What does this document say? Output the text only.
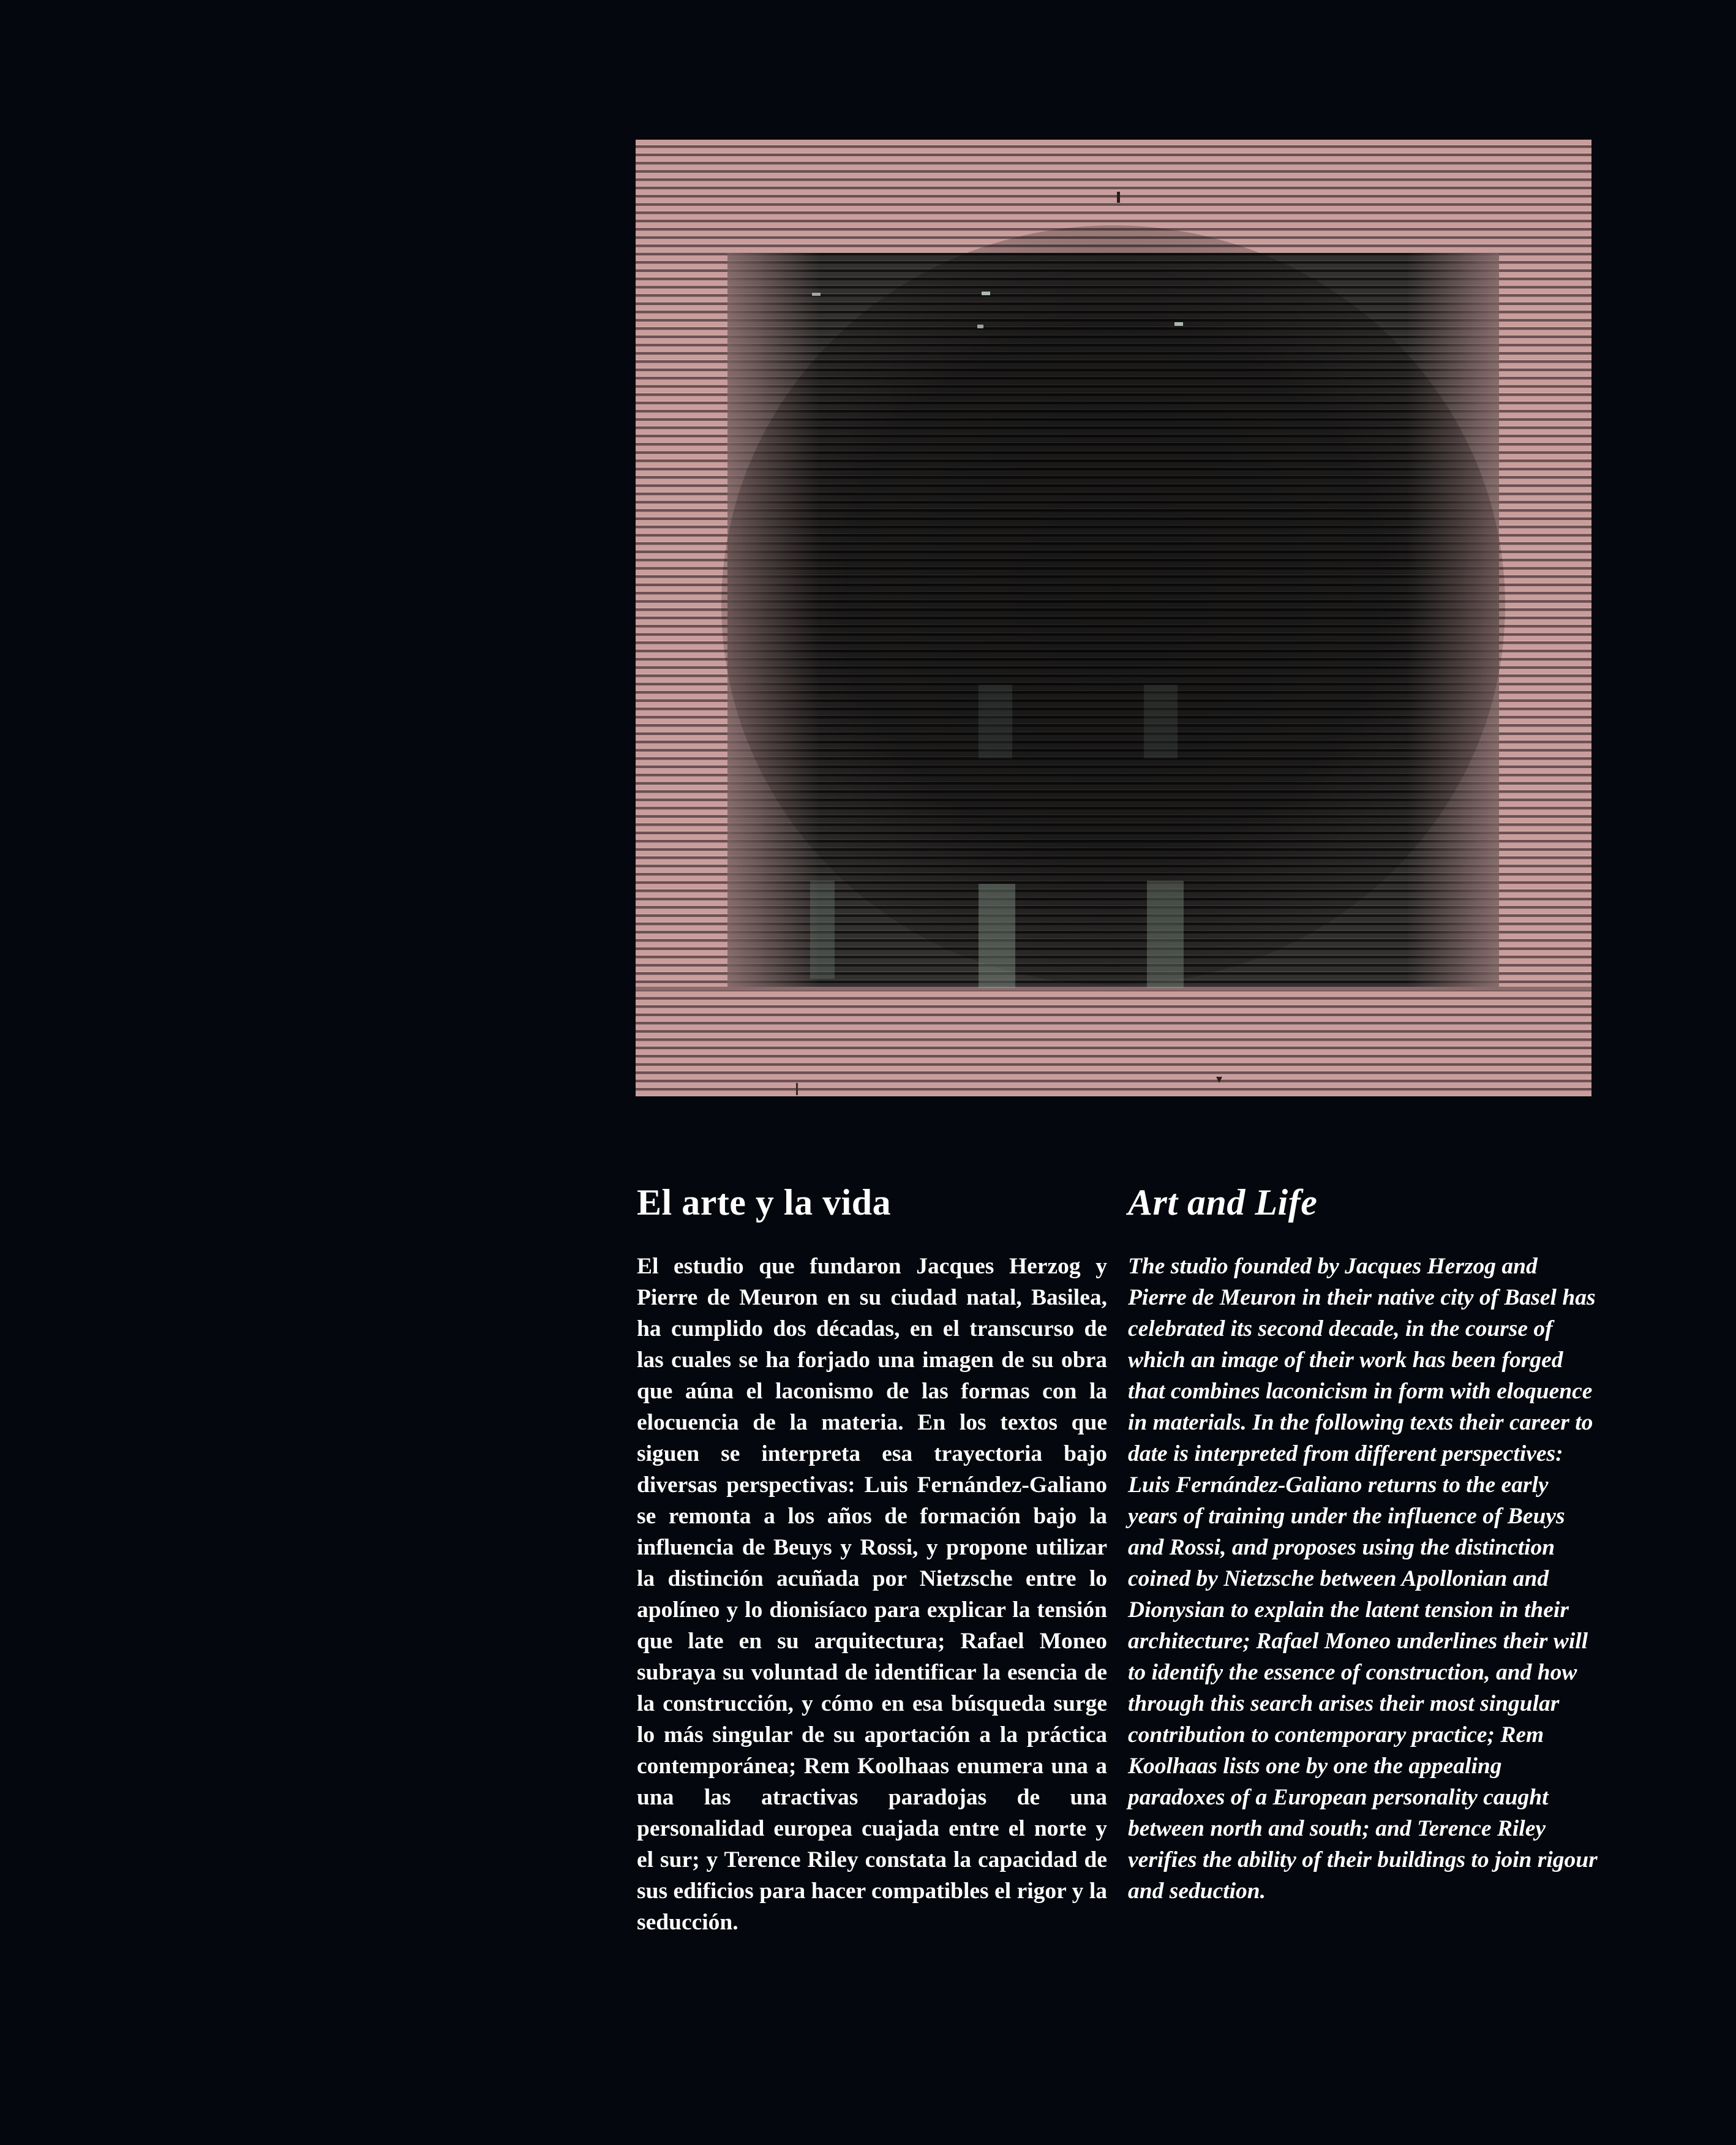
El arte y la vida

El estudio que fundaron Jacques Herzog y Pierre de Meuron en su ciudad natal, Basilea, ha cumplido dos décadas, en el transcurso de las cuales se ha forjado una imagen de su obra que aúna el laconismo de las formas con la elocuencia de la materia. En los textos que siguen se interpreta esa trayectoria bajo diversas perspectivas: Luis Fernández-Galiano se remonta a los años de formación bajo la influencia de Beuys y Rossi, y propone utilizar la distinción acuñada por Nietzsche entre lo apolíneo y lo dionisíaco para explicar la tensión que late en su arquitectura; Rafael Moneo subraya su voluntad de identificar la esencia de la construcción, y cómo en esa búsqueda surge lo más singular de su aportación a la práctica contemporánea; Rem Koolhaas enumera una a una las atractivas paradojas de una personalidad europea cuajada entre el norte y el sur; y Terence Riley constata la capacidad de sus edificios para hacer compatibles el rigor y la seducción.

Art and Life

The studio founded by Jacques Herzog and Pierre de Meuron in their native city of Basel has celebrated its second decade, in the course of which an image of their work has been forged that combines laconicism in form with eloquence in materials. In the following texts their career to date is interpreted from different perspectives: Luis Fernández-Galiano returns to the early years of training under the influence of Beuys and Rossi, and proposes using the distinction coined by Nietzsche between Apollonian and Dionysian to explain the latent tension in their architecture; Rafael Moneo underlines their will to identify the essence of construction, and how through this search arises their most singular contribution to contemporary practice; Rem Koolhaas lists one by one the appealing paradoxes of a European personality caught between north and south; and Terence Riley verifies the ability of their buildings to join rigour and seduction.
